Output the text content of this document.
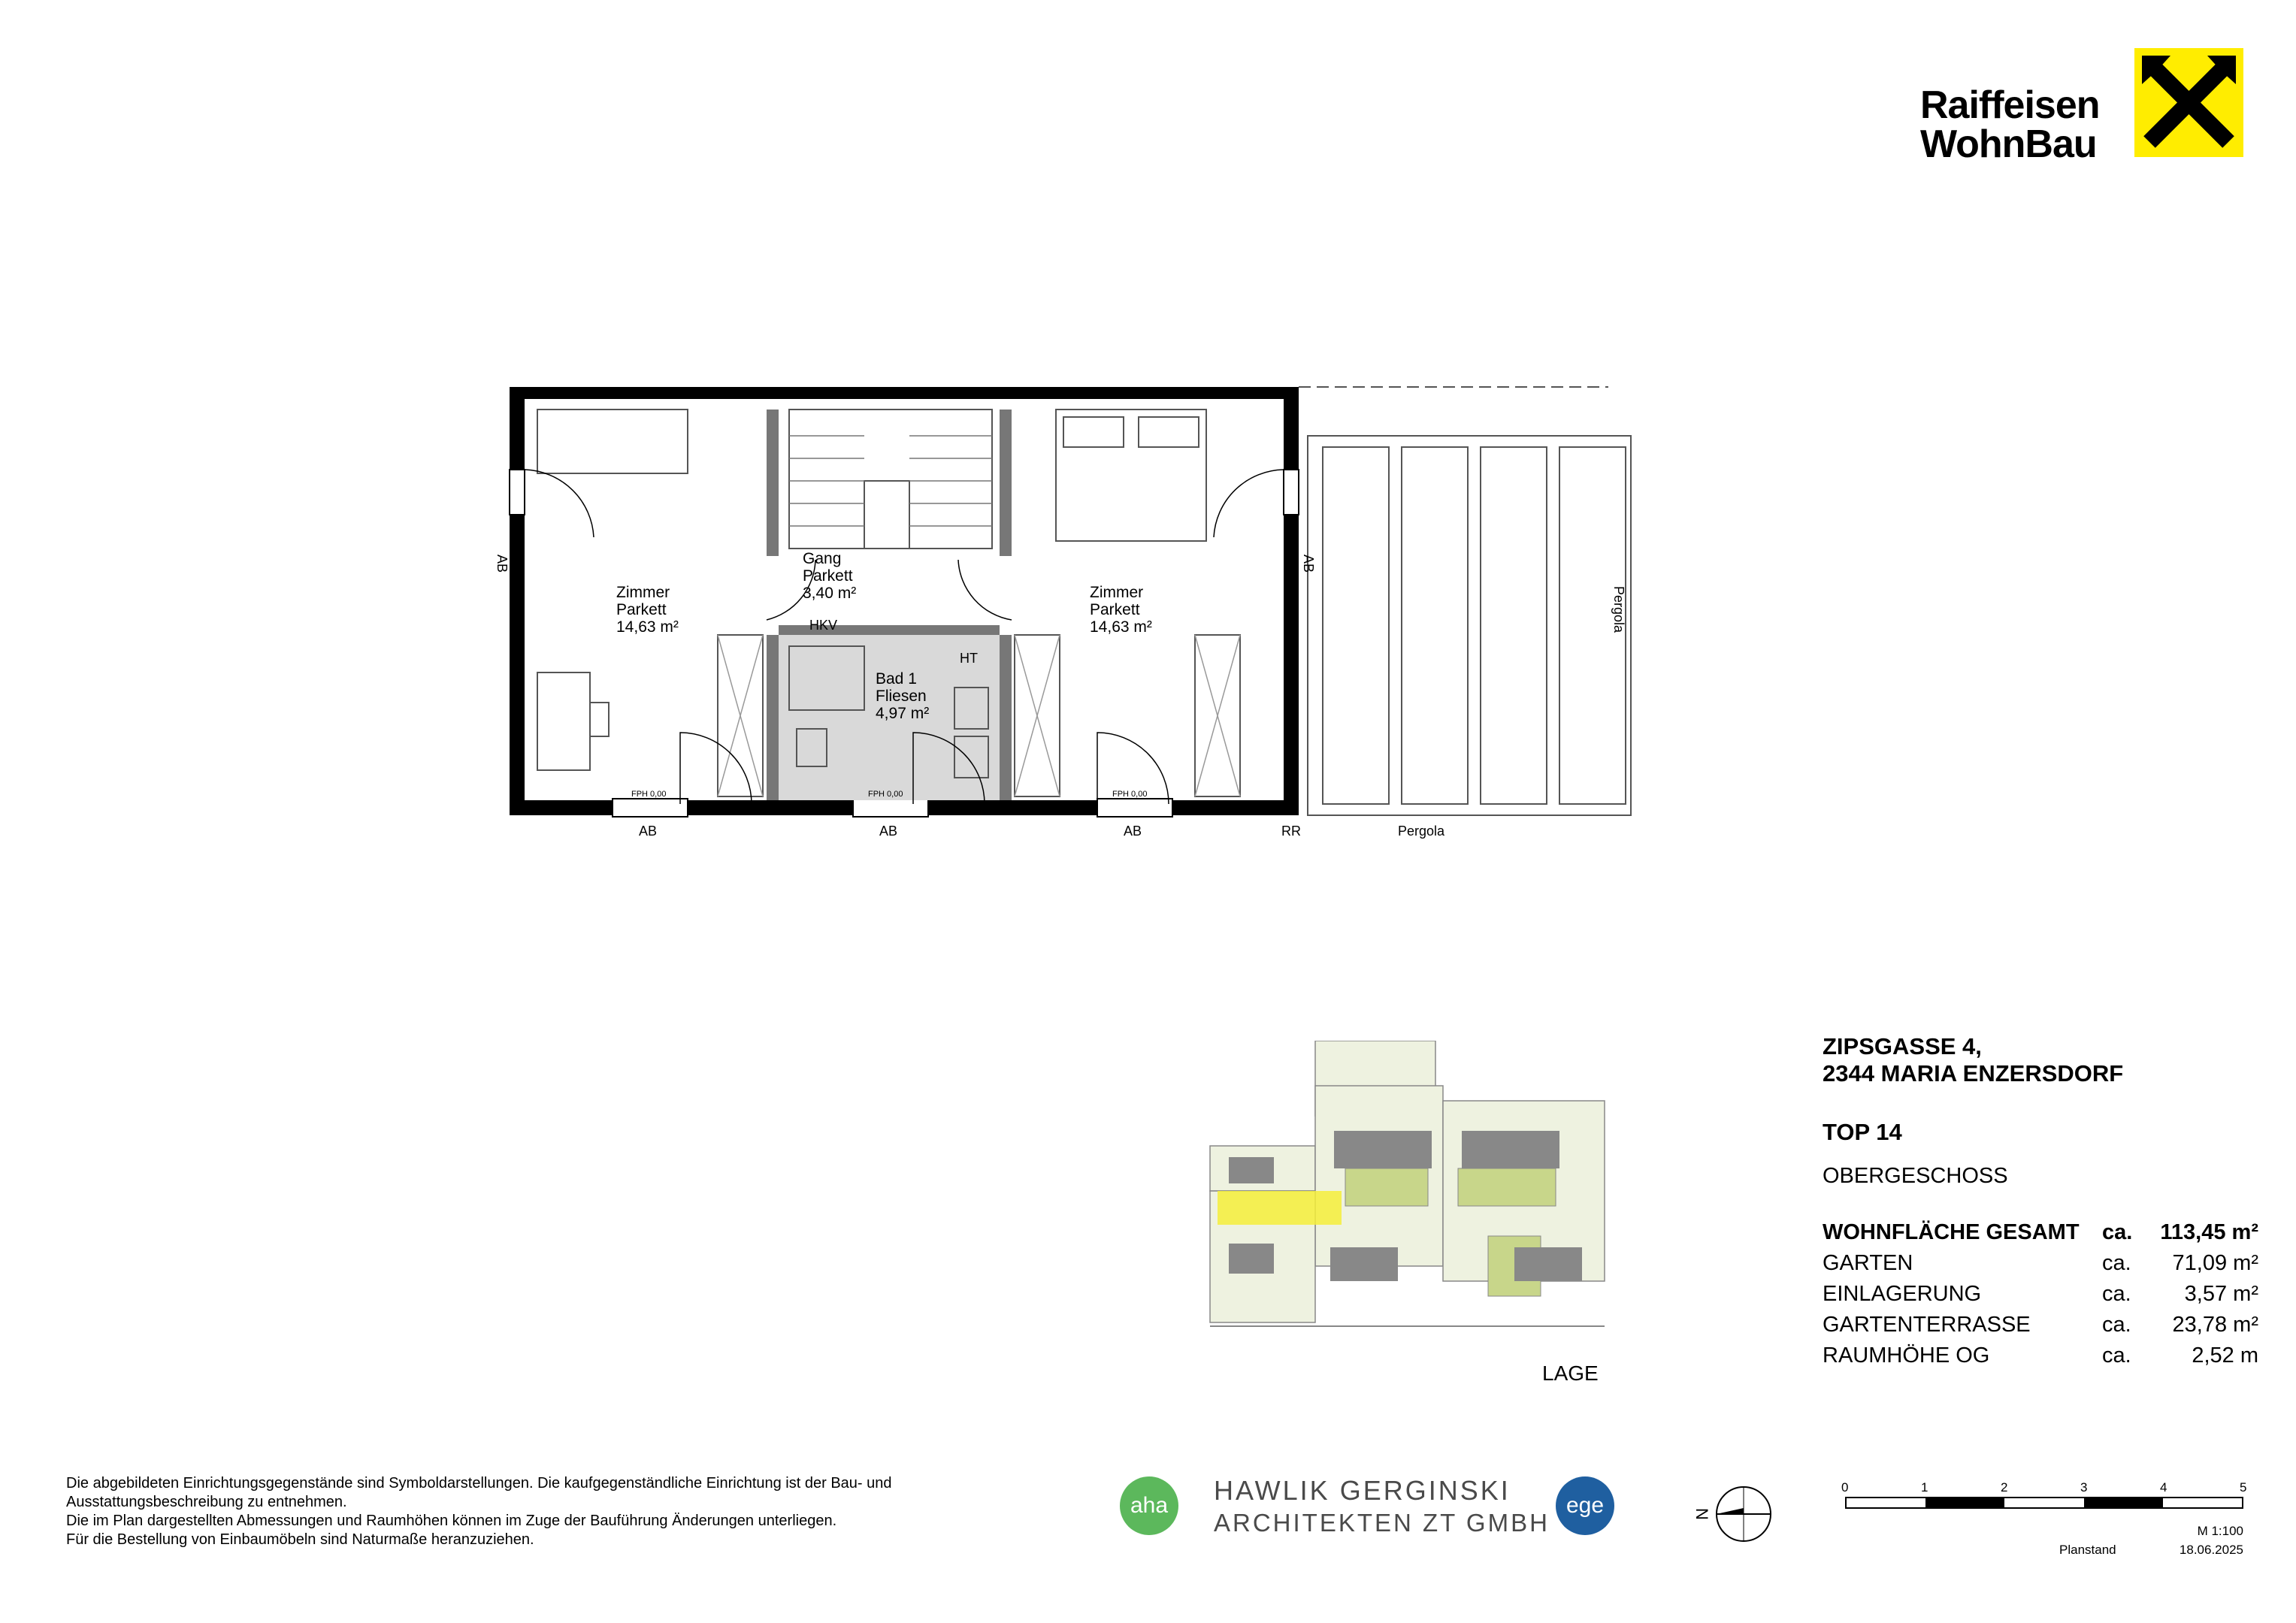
Raiffeisen
WohnBau
Zimmer
Parkett
14,63 m²
Gang
Parkett
3,40 m²	Zimmer
Parkett
14,63 m²
Bad 1
Fliesen
4,97 m²
HKV
HT
AB	AB	AB	RR	Pergola
AB	AB
Pergola
FPH 0,00	FPH 0,00	FPH 0,00
LAGE
ZIPSGASSE 4,
2344 MARIA ENZERSDORF
TOP 14
OBERGESCHOSS
WOHNFLÄCHE GESAMT ca. 113,45 m²
GARTEN	ca. 71,09 m²
EINLAGERUNG	ca. 3,57 m²
GARTENTERRASSE	ca. 23,78 m²
RAUMHÖHE OG	ca.	2,52 m
Die abgebildeten Einrichtungsgegenstände sind Symboldarstellungen. Die kaufgegenständliche Einrichtung ist der Bau- und
Ausstattungsbeschreibung zu entnehmen.
Die im Plan dargestellten Abmessungen und Raumhöhen können im Zuge der Bauführung Änderungen unterliegen.
Für die Bestellung von Einbaumöbeln sind Naturmaße heranzuziehen.
aha	HAWLIK GERGINSKI
ARCHITEKTEN ZT GMBH
ege	N
0	1	2	3	4	5
M 1:100
Planstand	18.06.2025
